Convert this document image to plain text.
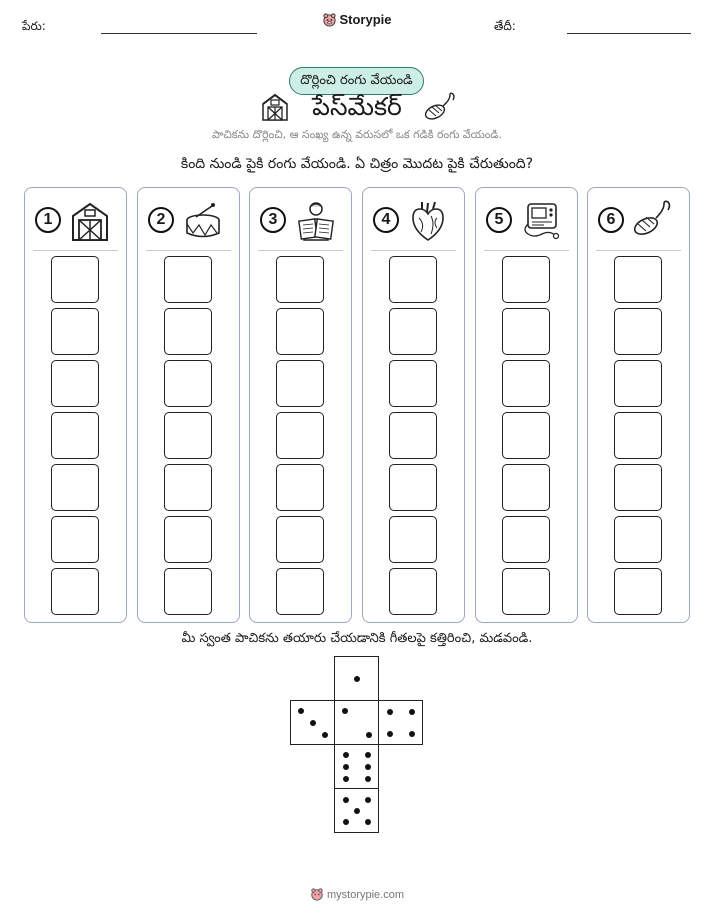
పేరు:	తేదీ:
Storypie
దొర్లించి రంగు వేయండి
పేస్‌మేకర్
పాచికను దొర్లించి, ఆ సంఖ్య ఉన్న వరుసలో ఒక గడికి రంగు వేయండి.
కింది నుండి పైకి రంగు వేయండి. ఏ చిత్రం మొదట పైకి చేరుతుంది?
1	2	3	4	5	6
మీ స్వంత పాచికను తయారు చేయడానికి గీతలపై కత్తిరించి, మడవండి.
mystorypie.com
